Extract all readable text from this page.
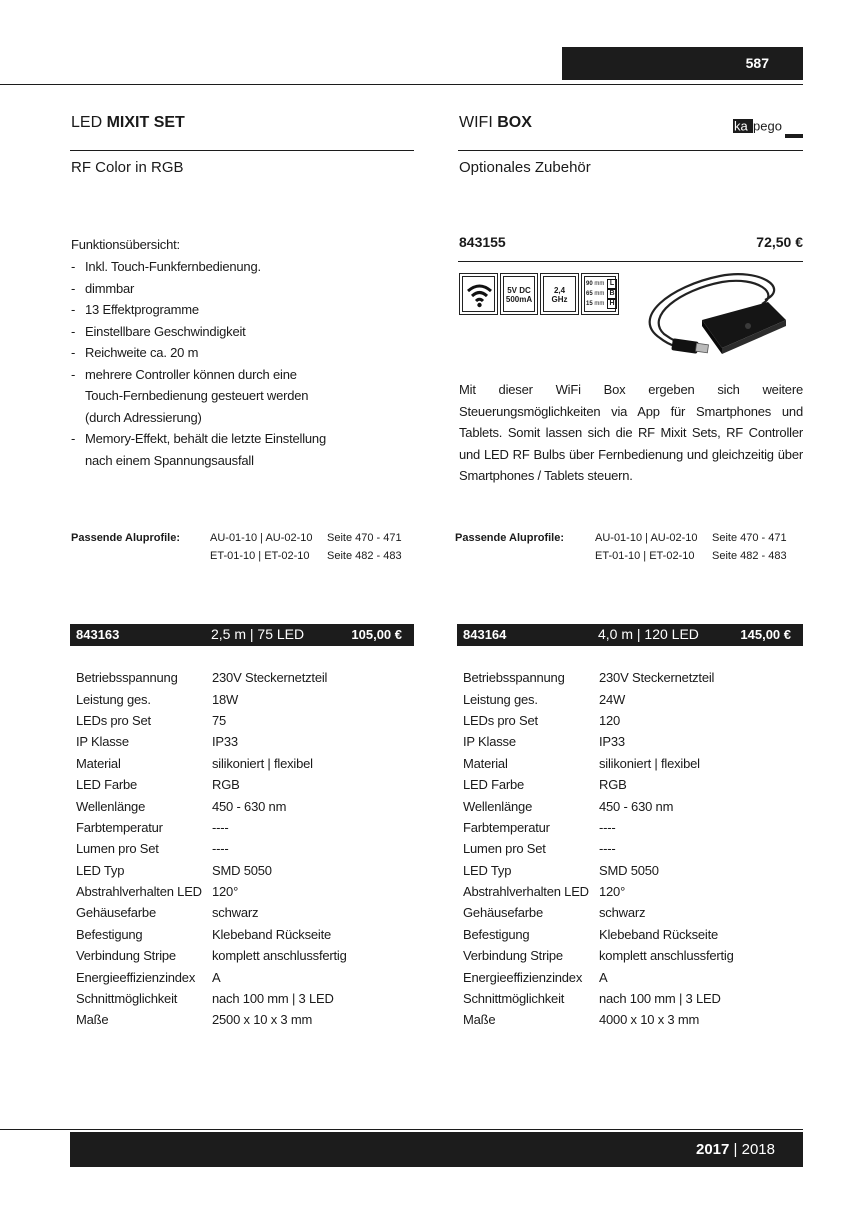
587
LED MIXIT SET
RF Color in RGB
WIFI BOX	ka pego
Optionales Zubehör
Funktionsübersicht:
- Inkl. Touch-Funkfernbedienung.
- dimmbar
- 13 Effektprogramme
- Einstellbare Geschwindigkeit
- Reichweite ca. 20 m
- mehrere Controller können durch eine Touch-Fernbedienung gesteuert werden (durch Adressierung)
- Memory-Effekt, behält die letzte Einstellung nach einem Spannungsausfall
843155	72,50 €
5V DC
500mA
2,4
GHz
90 mm L
65 mm B
15 mm H
Mit dieser WiFi Box ergeben sich weitere Steuerungsmöglichkeiten via App für Smartphones und Tablets. Somit lassen sich die RF Mixit Sets, RF Controller und LED RF Bulbs über Fernbedienung und gleichzeitig über Smartphones / Tablets steuern.
Passende Aluprofile:	AU-01-10 | AU-02-10 Seite 470 - 471
ET-01-10 | ET-02-10 Seite 482 - 483
Passende Aluprofile:	AU-01-10 | AU-02-10 Seite 470 - 471
ET-01-10 | ET-02-10 Seite 482 - 483
843163	2,5 m | 75 LED	105,00 €	843164	4,0 m | 120 LED	145,00 €
Betriebsspannung	230V Steckernetzteil
Leistung ges.	18W
LEDs pro Set	75
IP Klasse	IP33
Material	silikoniert | flexibel
LED Farbe	RGB
Wellenlänge	450 - 630 nm
Farbtemperatur	----
Lumen pro Set	----
LED Typ	SMD 5050
Abstrahlverhalten LED	120°
Gehäusefarbe	schwarz
Befestigung	Klebeband Rückseite
Verbindung Stripe	komplett anschlussfertig
Energieeffizienzindex	A
Schnittmöglichkeit	nach 100 mm | 3 LED
Maße	2500 x 10 x 3 mm
Betriebsspannung	230V Steckernetzteil
Leistung ges.	24W
LEDs pro Set	120
IP Klasse	IP33
Material	silikoniert | flexibel
LED Farbe	RGB
Wellenlänge	450 - 630 nm
Farbtemperatur	----
Lumen pro Set	----
LED Typ	SMD 5050
Abstrahlverhalten LED	120°
Gehäusefarbe	schwarz
Befestigung	Klebeband Rückseite
Verbindung Stripe	komplett anschlussfertig
Energieeffizienzindex	A
Schnittmöglichkeit	nach 100 mm | 3 LED
Maße	4000 x 10 x 3 mm
2017 | 2018
